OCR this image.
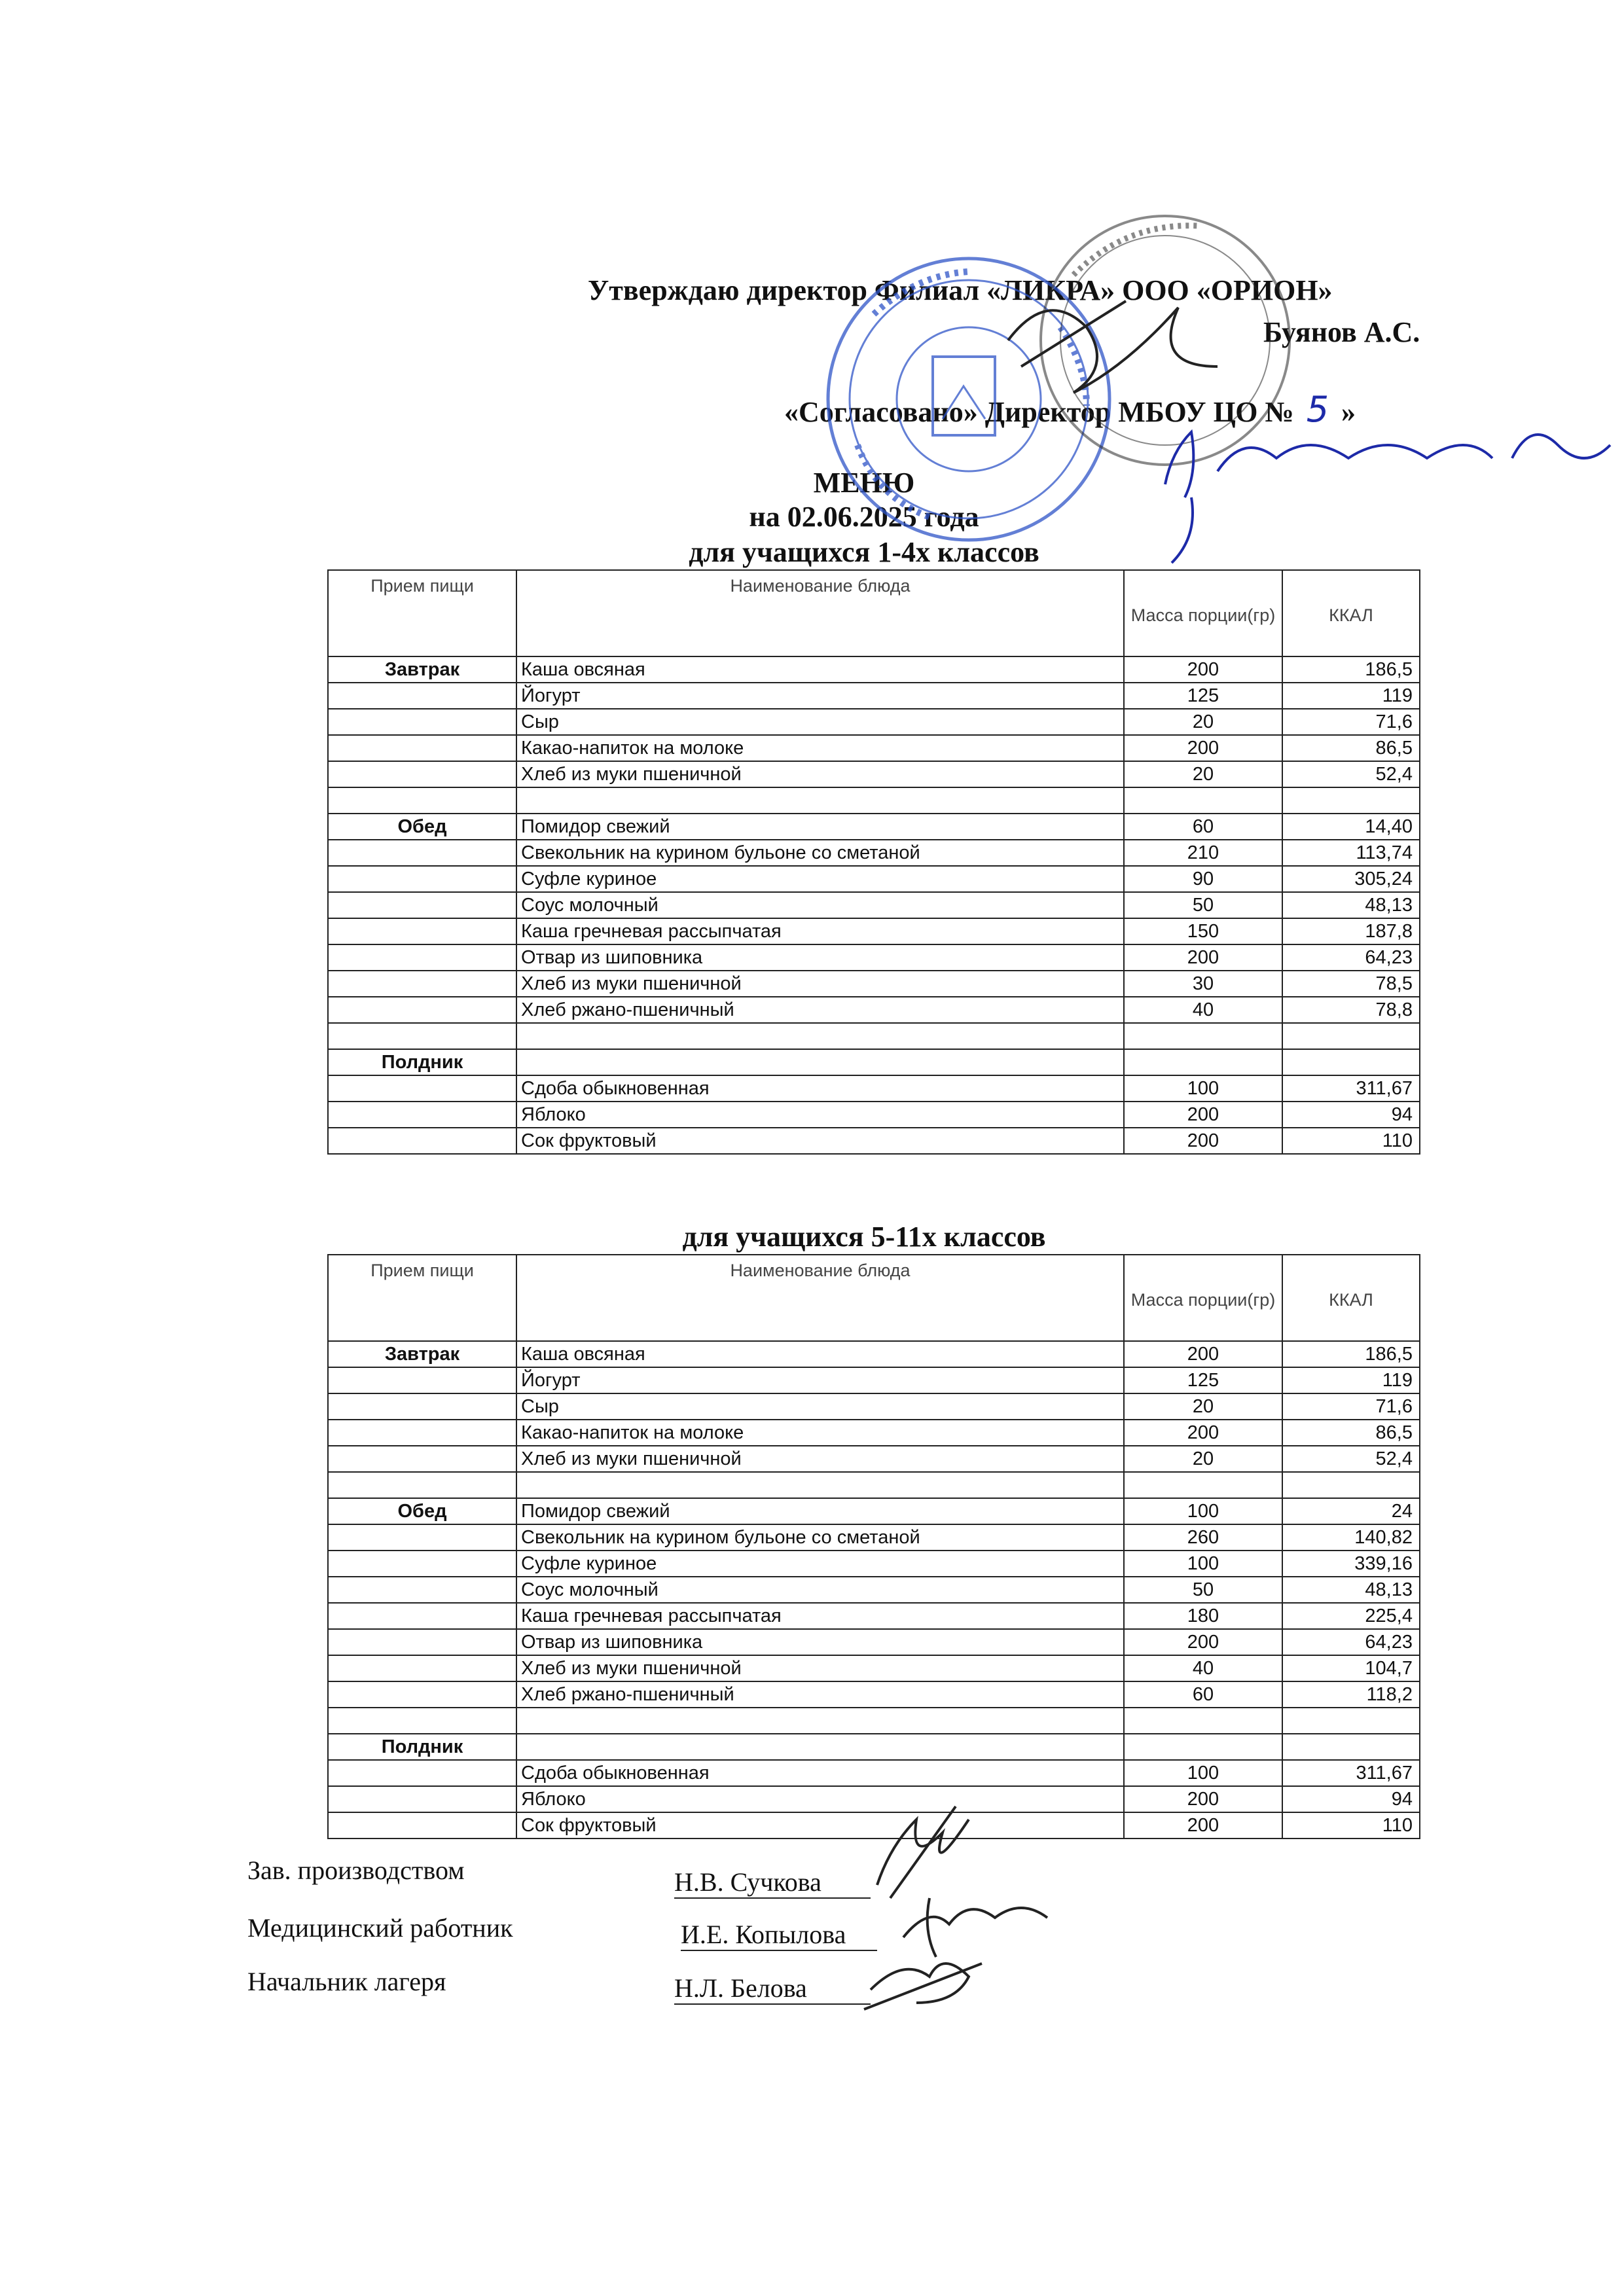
Утверждаю директор Филиал «ЛИКРА» ООО «ОРИОН»
Буянов А.С.
«Согласовано» Директор МБОУ ЦО № 5 »
МЕНЮ
на 02.06.2025 года
для учащихся 1-4х классов
Прием пищи	Наименование блюда	Масса порции(гр)	ККАЛ
Завтрак	Каша овсяная	200	186,5
	Йогурт	125	119
	Сыр	20	71,6
	Какао-напиток на молоке	200	86,5
	Хлеб из муки пшеничной	20	52,4

Обед	Помидор свежий	60	14,40
	Свекольник на курином бульоне со сметаной	210	113,74
	Суфле куриное	90	305,24
	Соус молочный	50	48,13
	Каша гречневая рассыпчатая	150	187,8
	Отвар из шиповника	200	64,23
	Хлеб из муки пшеничной	30	78,5
	Хлеб ржано-пшеничный	40	78,8

Полдник			
	Сдоба обыкновенная	100	311,67
	Яблоко	200	94
	Сок фруктовый	200	110
для учащихся 5-11х классов
Прием пищи	Наименование блюда	Масса порции(гр)	ККАЛ
Завтрак	Каша овсяная	200	186,5
	Йогурт	125	119
	Сыр	20	71,6
	Какао-напиток на молоке	200	86,5
	Хлеб из муки пшеничной	20	52,4

Обед	Помидор свежий	100	24
	Свекольник на курином бульоне со сметаной	260	140,82
	Суфле куриное	100	339,16
	Соус молочный	50	48,13
	Каша гречневая рассыпчатая	180	225,4
	Отвар из шиповника	200	64,23
	Хлеб из муки пшеничной	40	104,7
	Хлеб ржано-пшеничный	60	118,2

Полдник			
	Сдоба обыкновенная	100	311,67
	Яблоко	200	94
	Сок фруктовый	200	110
Зав. производством	Н.В. Сучкова
Медицинский работник	И.Е. Копылова
Начальник лагеря	Н.Л. Белова
